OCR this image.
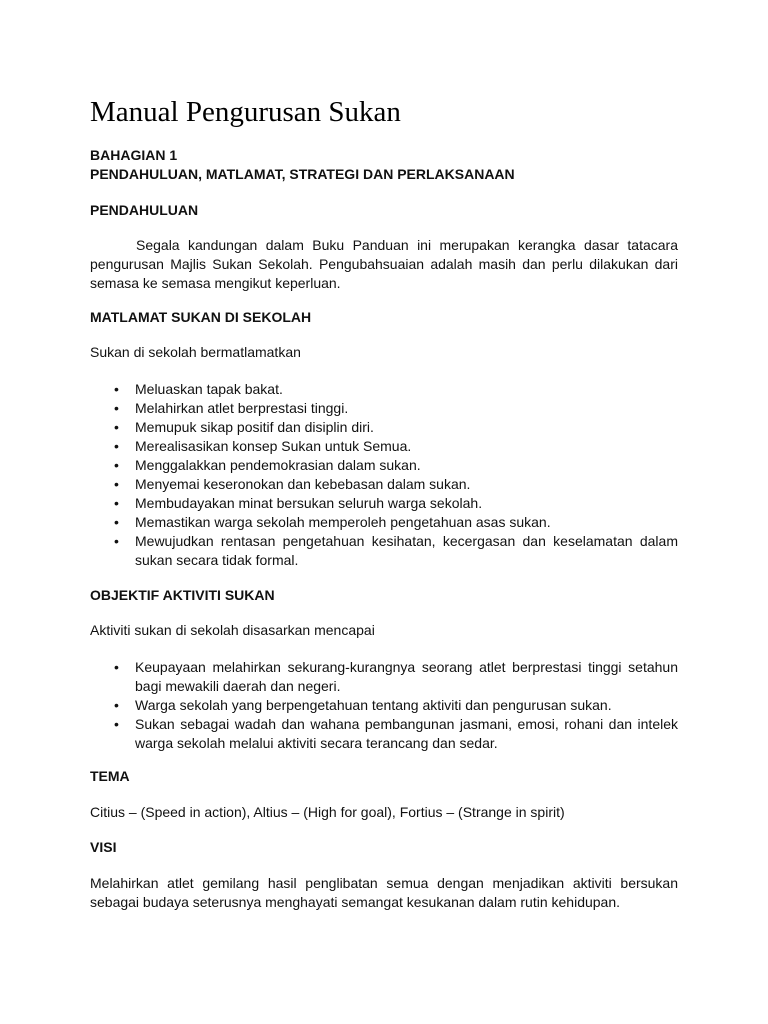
Manual Pengurusan Sukan

BAHAGIAN 1

PENDAHULUAN, MATLAMAT, STRATEGI DAN PERLAKSANAAN

PENDAHULUAN

Segala kandungan dalam Buku Panduan ini merupakan kerangka dasar tatacara pengurusan Majlis Sukan Sekolah. Pengubahsuaian adalah masih dan perlu dilakukan dari semasa ke semasa mengikut keperluan.

MATLAMAT SUKAN DI SEKOLAH

Sukan di sekolah bermatlamatkan

• Meluaskan tapak bakat.
• Melahirkan atlet berprestasi tinggi.
• Memupuk sikap positif dan disiplin diri.
• Merealisasikan konsep Sukan untuk Semua.
• Menggalakkan pendemokrasian dalam sukan.
• Menyemai keseronokan dan kebebasan dalam sukan.
• Membudayakan minat bersukan seluruh warga sekolah.
• Memastikan warga sekolah memperoleh pengetahuan asas sukan.
• Mewujudkan rentasan pengetahuan kesihatan, kecergasan dan keselamatan dalam sukan secara tidak formal.

OBJEKTIF AKTIVITI SUKAN

Aktiviti sukan di sekolah disasarkan mencapai

• Keupayaan melahirkan sekurang-kurangnya seorang atlet berprestasi tinggi setahun bagi mewakili daerah dan negeri.
• Warga sekolah yang berpengetahuan tentang aktiviti dan pengurusan sukan.
• Sukan sebagai wadah dan wahana pembangunan jasmani, emosi, rohani dan intelek warga sekolah melalui aktiviti secara terancang dan sedar.

TEMA

Citius – (Speed in action), Altius – (High for goal), Fortius – (Strange in spirit)

VISI

Melahirkan atlet gemilang hasil penglibatan semua dengan menjadikan aktiviti bersukan sebagai budaya seterusnya menghayati semangat kesukanan dalam rutin kehidupan.
